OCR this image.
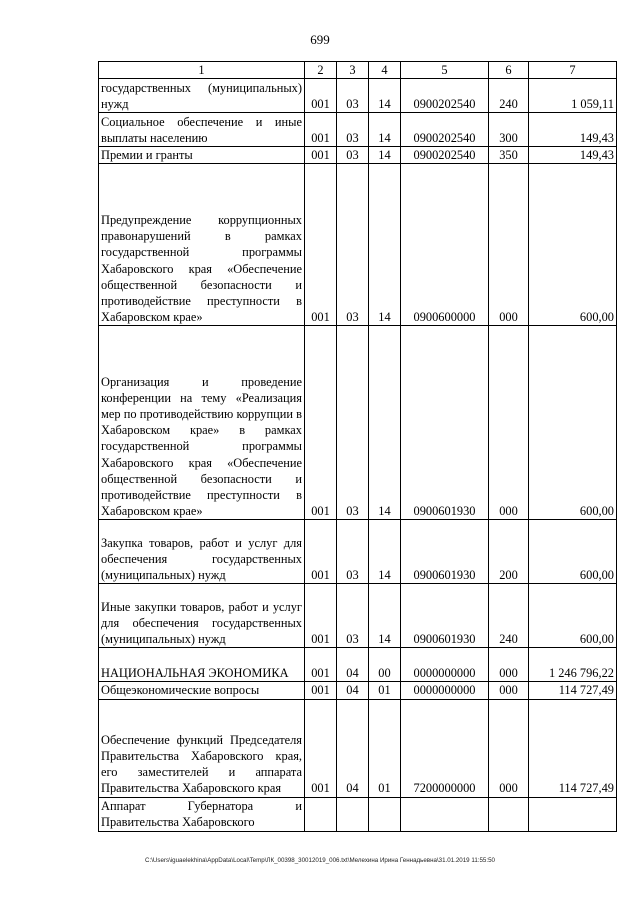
699
1	2	3	4	5	6	7
государственных (муниципальных) нужд	001	03	14	0900202540	240	1 059,11
Социальное обеспечение и иные выплаты населению	001	03	14	0900202540	300	149,43
Премии и гранты	001	03	14	0900202540	350	149,43
Предупреждение коррупционных правонарушений в рамках государственной программы Хабаровского края «Обеспечение общественной безопасности и противодействие преступности в Хабаровском крае»	001	03	14	0900600000	000	600,00
Организация и проведение конференции на тему «Реализация мер по противодействию коррупции в Хабаровском крае» в рамках государственной программы Хабаровского края «Обеспечение общественной безопасности и противодействие преступности в Хабаровском крае»	001	03	14	0900601930	000	600,00
Закупка товаров, работ и услуг для обеспечения государственных (муниципальных) нужд	001	03	14	0900601930	200	600,00
Иные закупки товаров, работ и услуг для обеспечения государственных (муниципальных) нужд	001	03	14	0900601930	240	600,00
НАЦИОНАЛЬНАЯ ЭКОНОМИКА	001	04	00	0000000000	000	1 246 796,22
Общеэкономические вопросы	001	04	01	0000000000	000	114 727,49
Обеспечение функций Председателя Правительства Хабаровского края, его заместителей и аппарата Правительства Хабаровского края	001	04	01	7200000000	000	114 727,49
Аппарат Губернатора и Правительства Хабаровского						
C:\Users\iguaelekhina\AppData\Local\Temp\ЛК_00398_30012019_006.txt\Мелехина Ирина Геннадьевна\31.01.2019 11:55:50
